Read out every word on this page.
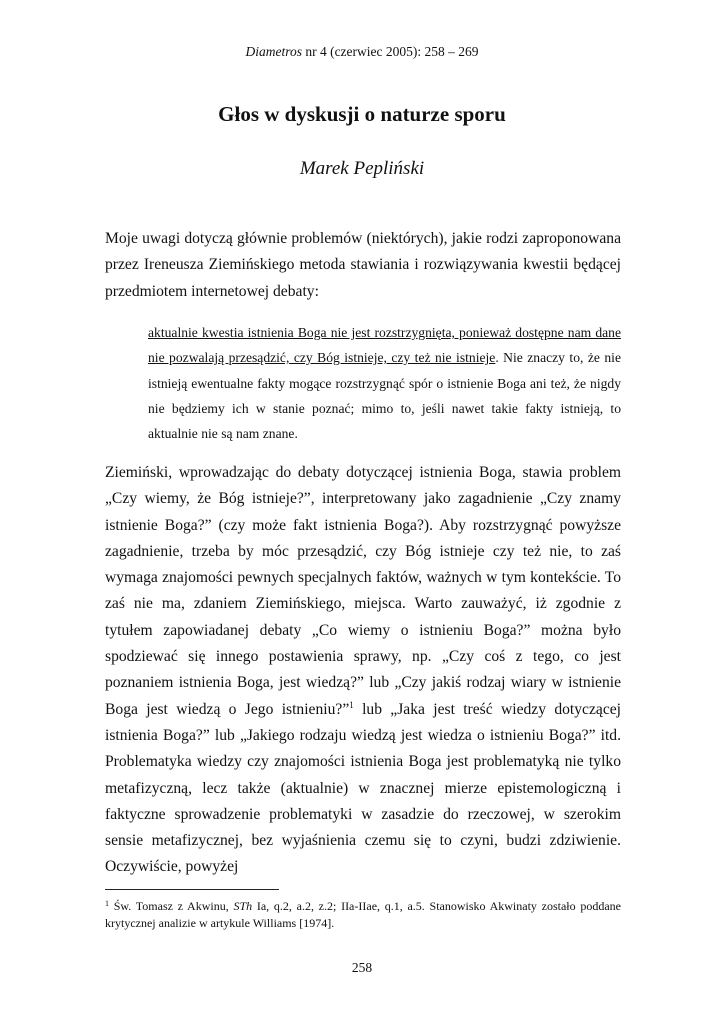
Diametros nr 4 (czerwiec 2005): 258 – 269
Głos w dyskusji o naturze sporu
Marek Pepliński

Moje uwagi dotyczą głównie problemów (niektórych), jakie rodzi zaproponowana przez Ireneusza Ziemińskiego metoda stawiania i rozwiązywania kwestii będącej przedmiotem internetowej debaty:

aktualnie kwestia istnienia Boga nie jest rozstrzygnięta, ponieważ dostępne nam dane nie pozwalają przesądzić, czy Bóg istnieje, czy też nie istnieje. Nie znaczy to, że nie istnieją ewentualne fakty mogące rozstrzygnąć spór o istnienie Boga ani też, że nigdy nie będziemy ich w stanie poznać; mimo to, jeśli nawet takie fakty istnieją, to aktualnie nie są nam znane.

Ziemiński, wprowadzając do debaty dotyczącej istnienia Boga, stawia problem „Czy wiemy, że Bóg istnieje?”, interpretowany jako zagadnienie „Czy znamy istnienie Boga?” (czy może fakt istnienia Boga?). Aby rozstrzygnąć powyższe zagadnienie, trzeba by móc przesądzić, czy Bóg istnieje czy też nie, to zaś wymaga znajomości pewnych specjalnych faktów, ważnych w tym kontekście. To zaś nie ma, zdaniem Ziemińskiego, miejsca. Warto zauważyć, iż zgodnie z tytułem zapowiadanej debaty „Co wiemy o istnieniu Boga?” można było spodziewać się innego postawienia sprawy, np. „Czy coś z tego, co jest poznaniem istnienia Boga, jest wiedzą?” lub „Czy jakiś rodzaj wiary w istnienie Boga jest wiedzą o Jego istnieniu?”$^1$ lub „Jaka jest treść wiedzy dotyczącej istnienia Boga?” lub „Jakiego rodzaju wiedzą jest wiedza o istnieniu Boga?” itd. Problematyka wiedzy czy znajomości istnienia Boga jest problematyką nie tylko metafizyczną, lecz także (aktualnie) w znacznej mierze epistemologiczną i faktyczne sprowadzenie problematyki w zasadzie do rzeczowej, w szerokim sensie metafizycznej, bez wyjaśnienia czemu się to czyni, budzi zdziwienie. Oczywiście, powyżej

$^1$ Św. Tomasz z Akwinu, STh Ia, q.2, a.2, z.2; IIa-IIae, q.1, a.5. Stanowisko Akwinaty zostało poddane krytycznej analizie w artykule Williams [1974].

258
